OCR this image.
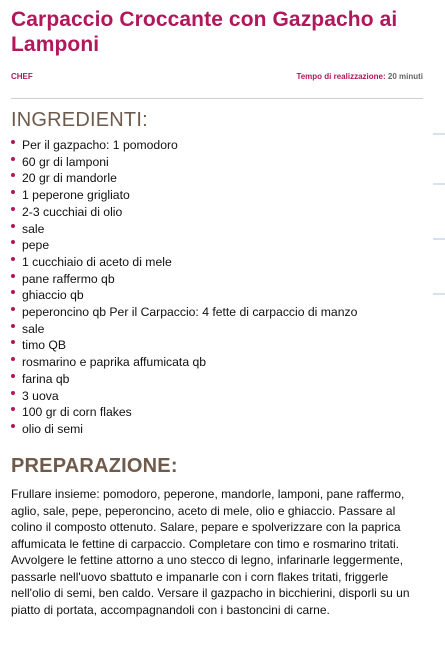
Carpaccio Croccante con Gazpacho ai Lamponi
CHEF	Tempo di realizzazione: 20 minuti
INGREDIENTI:
Per il gazpacho: 1 pomodoro
60 gr di lamponi
20 gr di mandorle
1 peperone grigliato
2-3 cucchiai di olio
sale
pepe
1 cucchiaio di aceto di mele
pane raffermo qb
ghiaccio qb
peperoncino qb Per il Carpaccio: 4 fette di carpaccio di manzo
sale
timo QB
rosmarino e paprika affumicata qb
farina qb
3 uova
100 gr di corn flakes
olio di semi
PREPARAZIONE:

Frullare insieme: pomodoro, peperone, mandorle, lamponi, pane raffermo, aglio, sale, pepe, peperoncino, aceto di mele, olio e ghiaccio. Passare al colino il composto ottenuto. Salare, pepare e spolverizzare con la paprica affumicata le fettine di carpaccio. Completare con timo e rosmarino tritati. Avvolgere le fettine attorno a uno stecco di legno, infarinarle leggermente, passarle nell'uovo sbattuto e impanarle con i corn flakes tritati, friggerle nell'olio di semi, ben caldo. Versare il gazpacho in bicchierini, disporli su un piatto di portata, accompagnandoli con i bastoncini di carne.
